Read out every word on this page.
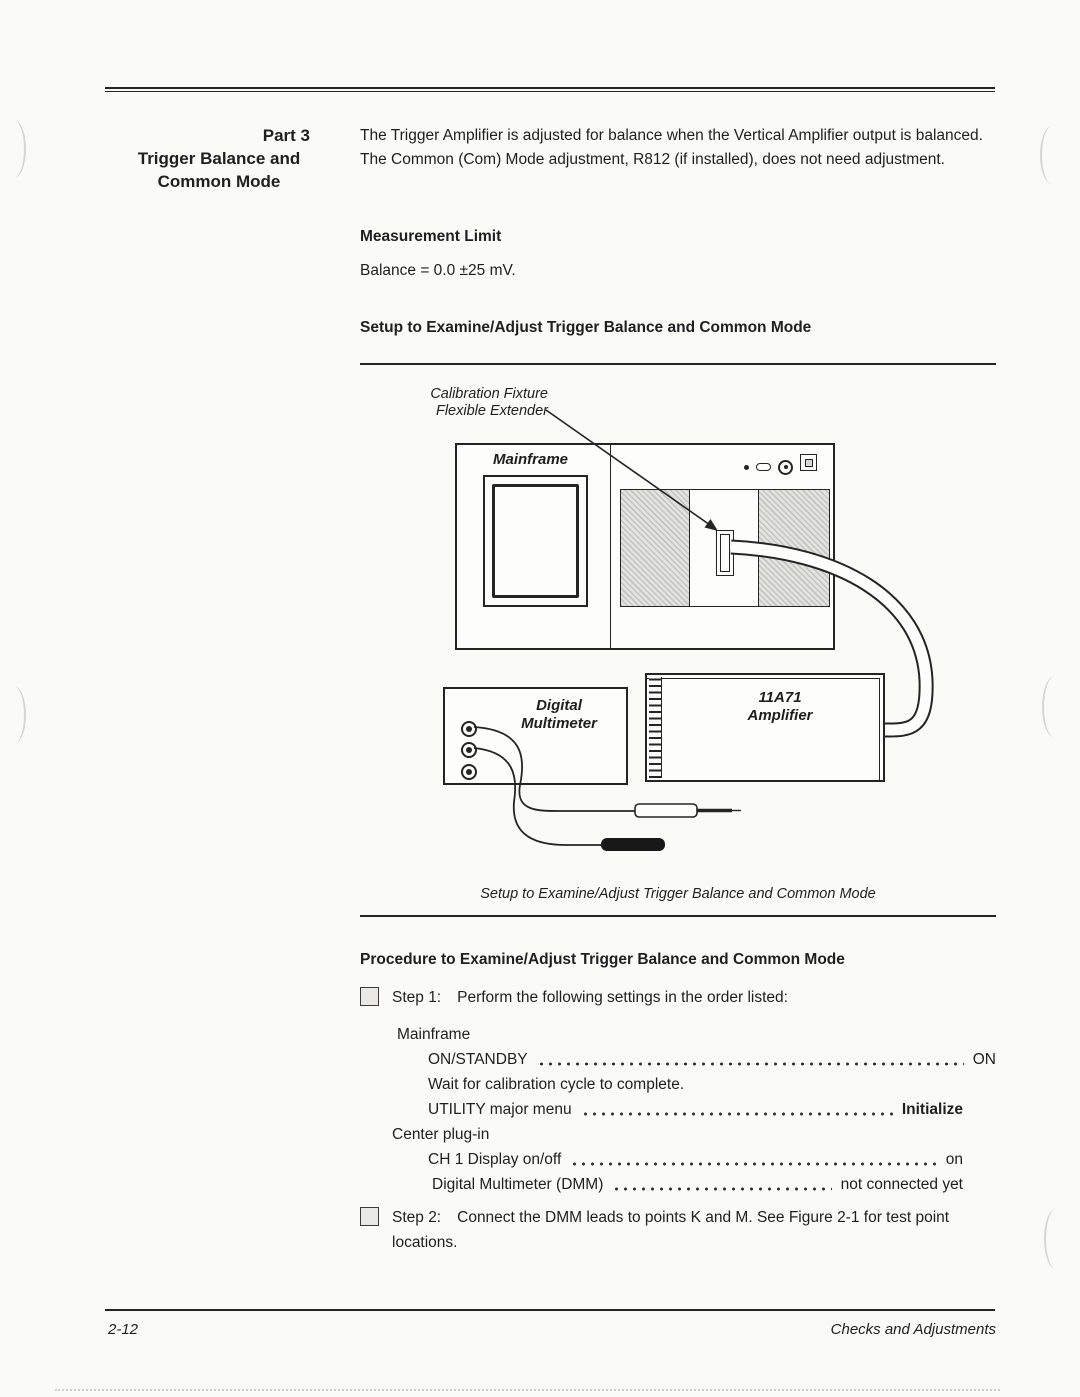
Part 3
Trigger Balance and
Common Mode
The Trigger Amplifier is adjusted for balance when the Vertical Amplifier output is balanced. The Common (Com) Mode adjustment, R812 (if installed), does not need adjustment.
Measurement Limit
Balance = 0.0 ±25 mV.
Setup to Examine/Adjust Trigger Balance and Common Mode
Calibration Fixture
Flexible Extender
Mainframe
Digital
Multimeter
11A71
Amplifier
Setup to Examine/Adjust Trigger Balance and Common Mode
Procedure to Examine/Adjust Trigger Balance and Common Mode
Step 1: Perform the following settings in the order listed:
Mainframe
ON/STANDBY	ON
Wait for calibration cycle to complete.
UTILITY major menu	Initialize
Center plug-in
CH 1 Display on/off	on
Digital Multimeter (DMM)	not connected yet
Step 2: Connect the DMM leads to points K and M. See Figure 2-1 for test point locations.
2-12	Checks and Adjustments
